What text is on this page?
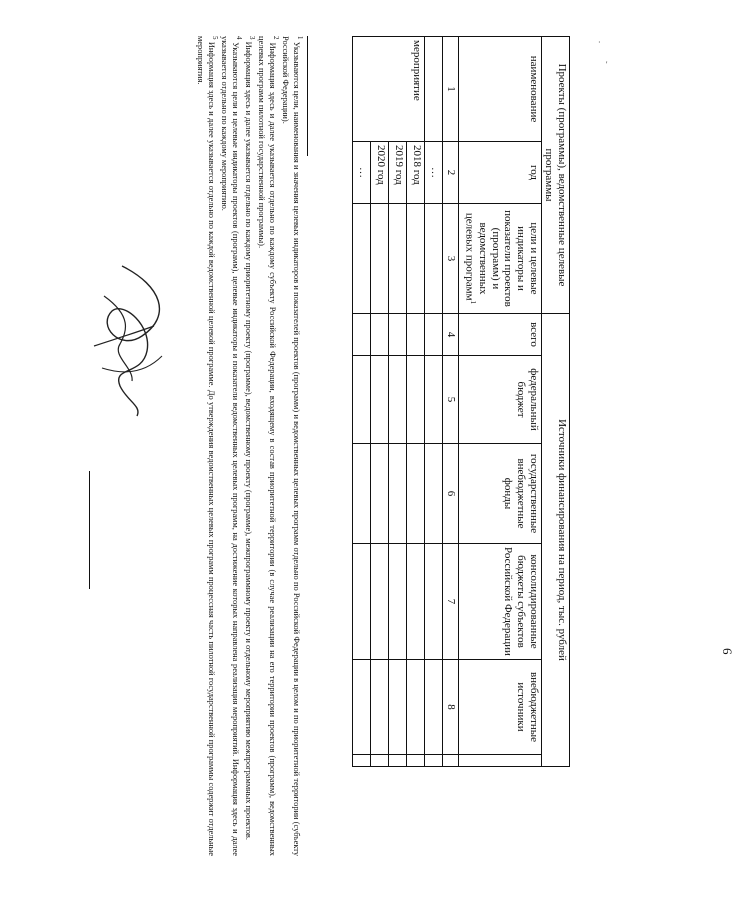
·
'
6
Проекты (программы), ведомственные целевые программы			Источники финансирования на период, тыс. рублей					
наименование	год	цели и целевые индикаторы и показатели проектов (программ) и ведомственных целевых программ$^1$	всего	федеральный бюджет	государственные внебюджетные фонды	консолидированные бюджеты субъектов Российской Федерации	внебюджетные источники	
1	2	3	4	5	6	7	8	
	…							
мероприятие	2018 год							
	2019 год							
	2020 год							
	…							

$^1$ Указываются цели, наименования и значения целевых индикаторов и показателей проектов (программ) и ведомственных целевых программ отдельно по Российской Федерации в целом и по приоритетной территории (субъекту Российской Федерации).

$^2$ Информация здесь и далее указывается отдельно по каждому субъекту Российской Федерации, входящему в состав приоритетной территории (в случае реализации на его территории проектов (программ), ведомственных целевых программ пилотной государственной программы).

$^3$ Информация здесь и далее указывается отдельно по каждому приоритетному проекту (программе), ведомственному проекту (программе), межпрограммному проекту и отдельному мероприятию межпрограммных проектов.

$^4$ Указываются цели и целевые индикаторы проектов (программ), целевые индикаторы и показатели ведомственных целевых программ, на достижение которых направлена реализация мероприятий. Информация здесь и далее указывается отдельно по каждому мероприятию.

$^5$ Информация здесь и далее указывается отдельно по каждой ведомственной целевой программе. До утверждения ведомственных целевых программ процессная часть пилотной государственной программы содержит отдельные мероприятия.
